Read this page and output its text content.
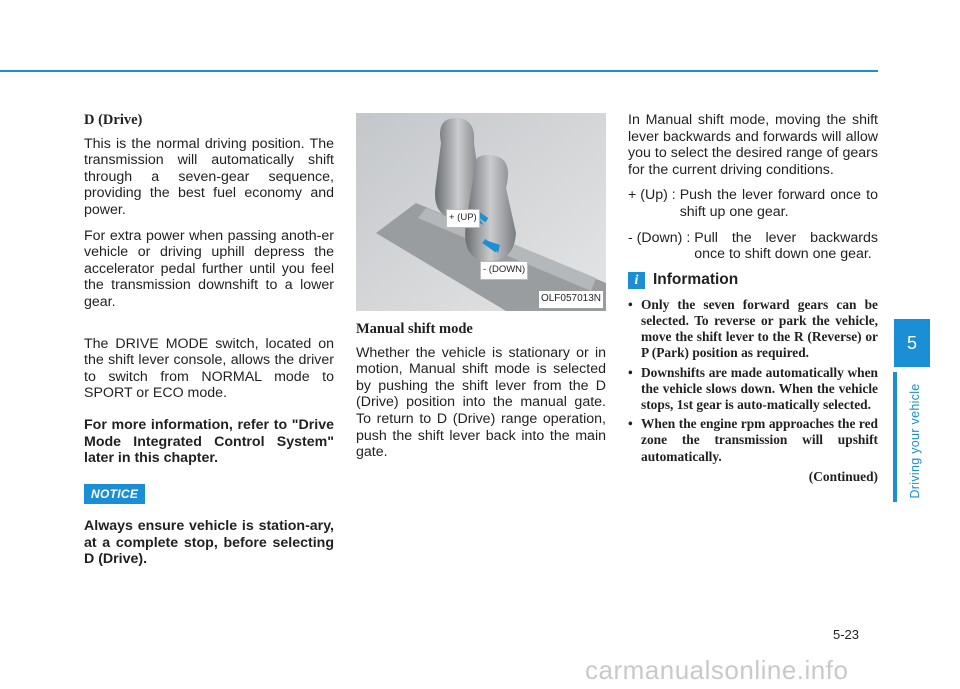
D (Drive)

This is the normal driving position. The transmission will automatically shift through a seven-gear sequence, providing the best fuel economy and power.

For extra power when passing anoth-er vehicle or driving uphill depress the accelerator pedal further until you feel the transmission downshift to a lower gear.

The DRIVE MODE switch, located on the shift lever console, allows the driver to switch from NORMAL mode to SPORT or ECO mode.

For more information, refer to "Drive Mode Integrated Control System" later in this chapter.

NOTICE

Always ensure vehicle is station-ary, at a complete stop, before selecting D (Drive).

+ (UP)
- (DOWN)
OLF057013N
Manual shift mode

Whether the vehicle is stationary or in motion, Manual shift mode is selected by pushing the shift lever from the D (Drive) position into the manual gate. To return to D (Drive) range operation, push the shift lever back into the main gate.

In Manual shift mode, moving the shift lever backwards and forwards will allow you to select the desired range of gears for the current driving conditions.

+ (Up) : Push the lever forward once to shift up one gear.
- (Down) : Pull the lever backwards once to shift down one gear.
i Information
• Only the seven forward gears can be selected. To reverse or park the vehicle, move the shift lever to the R (Reverse) or P (Park) position as required.
• Downshifts are made automatically when the vehicle slows down. When the vehicle stops, 1st gear is auto-matically selected.
• When the engine rpm approaches the red zone the transmission will upshift automatically.
(Continued)
5
Driving your vehicle
5-23
carmanualsonline.info
